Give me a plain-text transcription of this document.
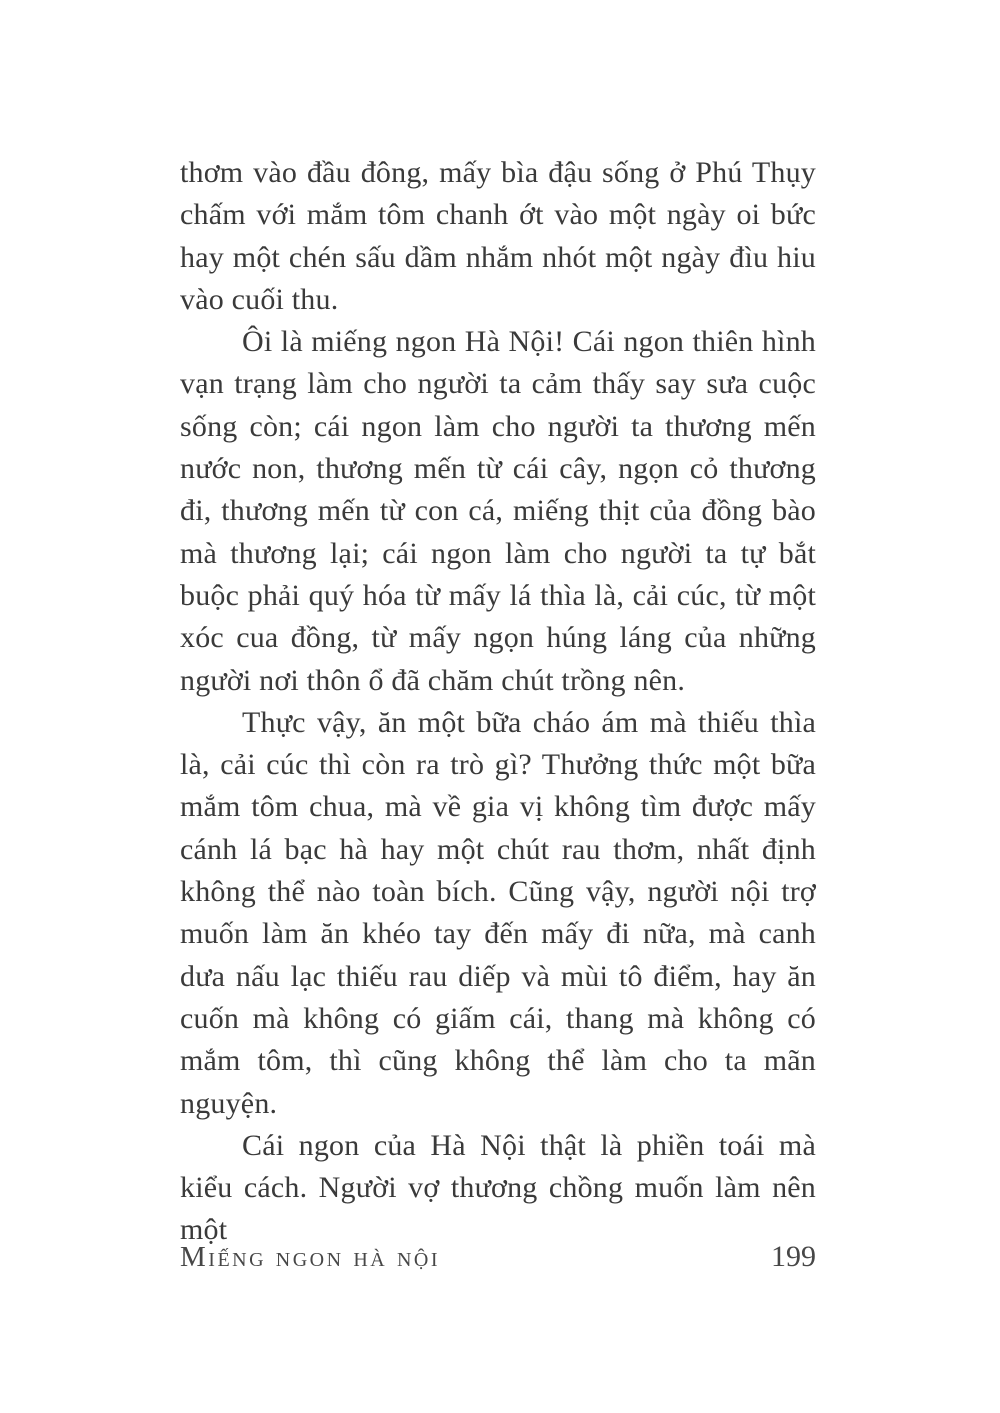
thơm vào đầu đông, mấy bìa đậu sống ở Phú Thụy chấm với mắm tôm chanh ớt vào một ngày oi bức hay một chén sấu dầm nhắm nhót một ngày đìu hiu vào cuối thu.

Ôi là miếng ngon Hà Nội! Cái ngon thiên hình vạn trạng làm cho người ta cảm thấy say sưa cuộc sống còn; cái ngon làm cho người ta thương mến nước non, thương mến từ cái cây, ngọn cỏ thương đi, thương mến từ con cá, miếng thịt của đồng bào mà thương lại; cái ngon làm cho người ta tự bắt buộc phải quý hóa từ mấy lá thìa là, cải cúc, từ một xóc cua đồng, từ mấy ngọn húng láng của những người nơi thôn ổ đã chăm chút trồng nên.

Thực vậy, ăn một bữa cháo ám mà thiếu thìa là, cải cúc thì còn ra trò gì? Thưởng thức một bữa mắm tôm chua, mà về gia vị không tìm được mấy cánh lá bạc hà hay một chút rau thơm, nhất định không thể nào toàn bích. Cũng vậy, người nội trợ muốn làm ăn khéo tay đến mấy đi nữa, mà canh dưa nấu lạc thiếu rau diếp và mùi tô điểm, hay ăn cuốn mà không có giấm cái, thang mà không có mắm tôm, thì cũng không thể làm cho ta mãn nguyện.

Cái ngon của Hà Nội thật là phiền toái mà kiểu cách. Người vợ thương chồng muốn làm nên một

Miếng ngon hà nội	199
